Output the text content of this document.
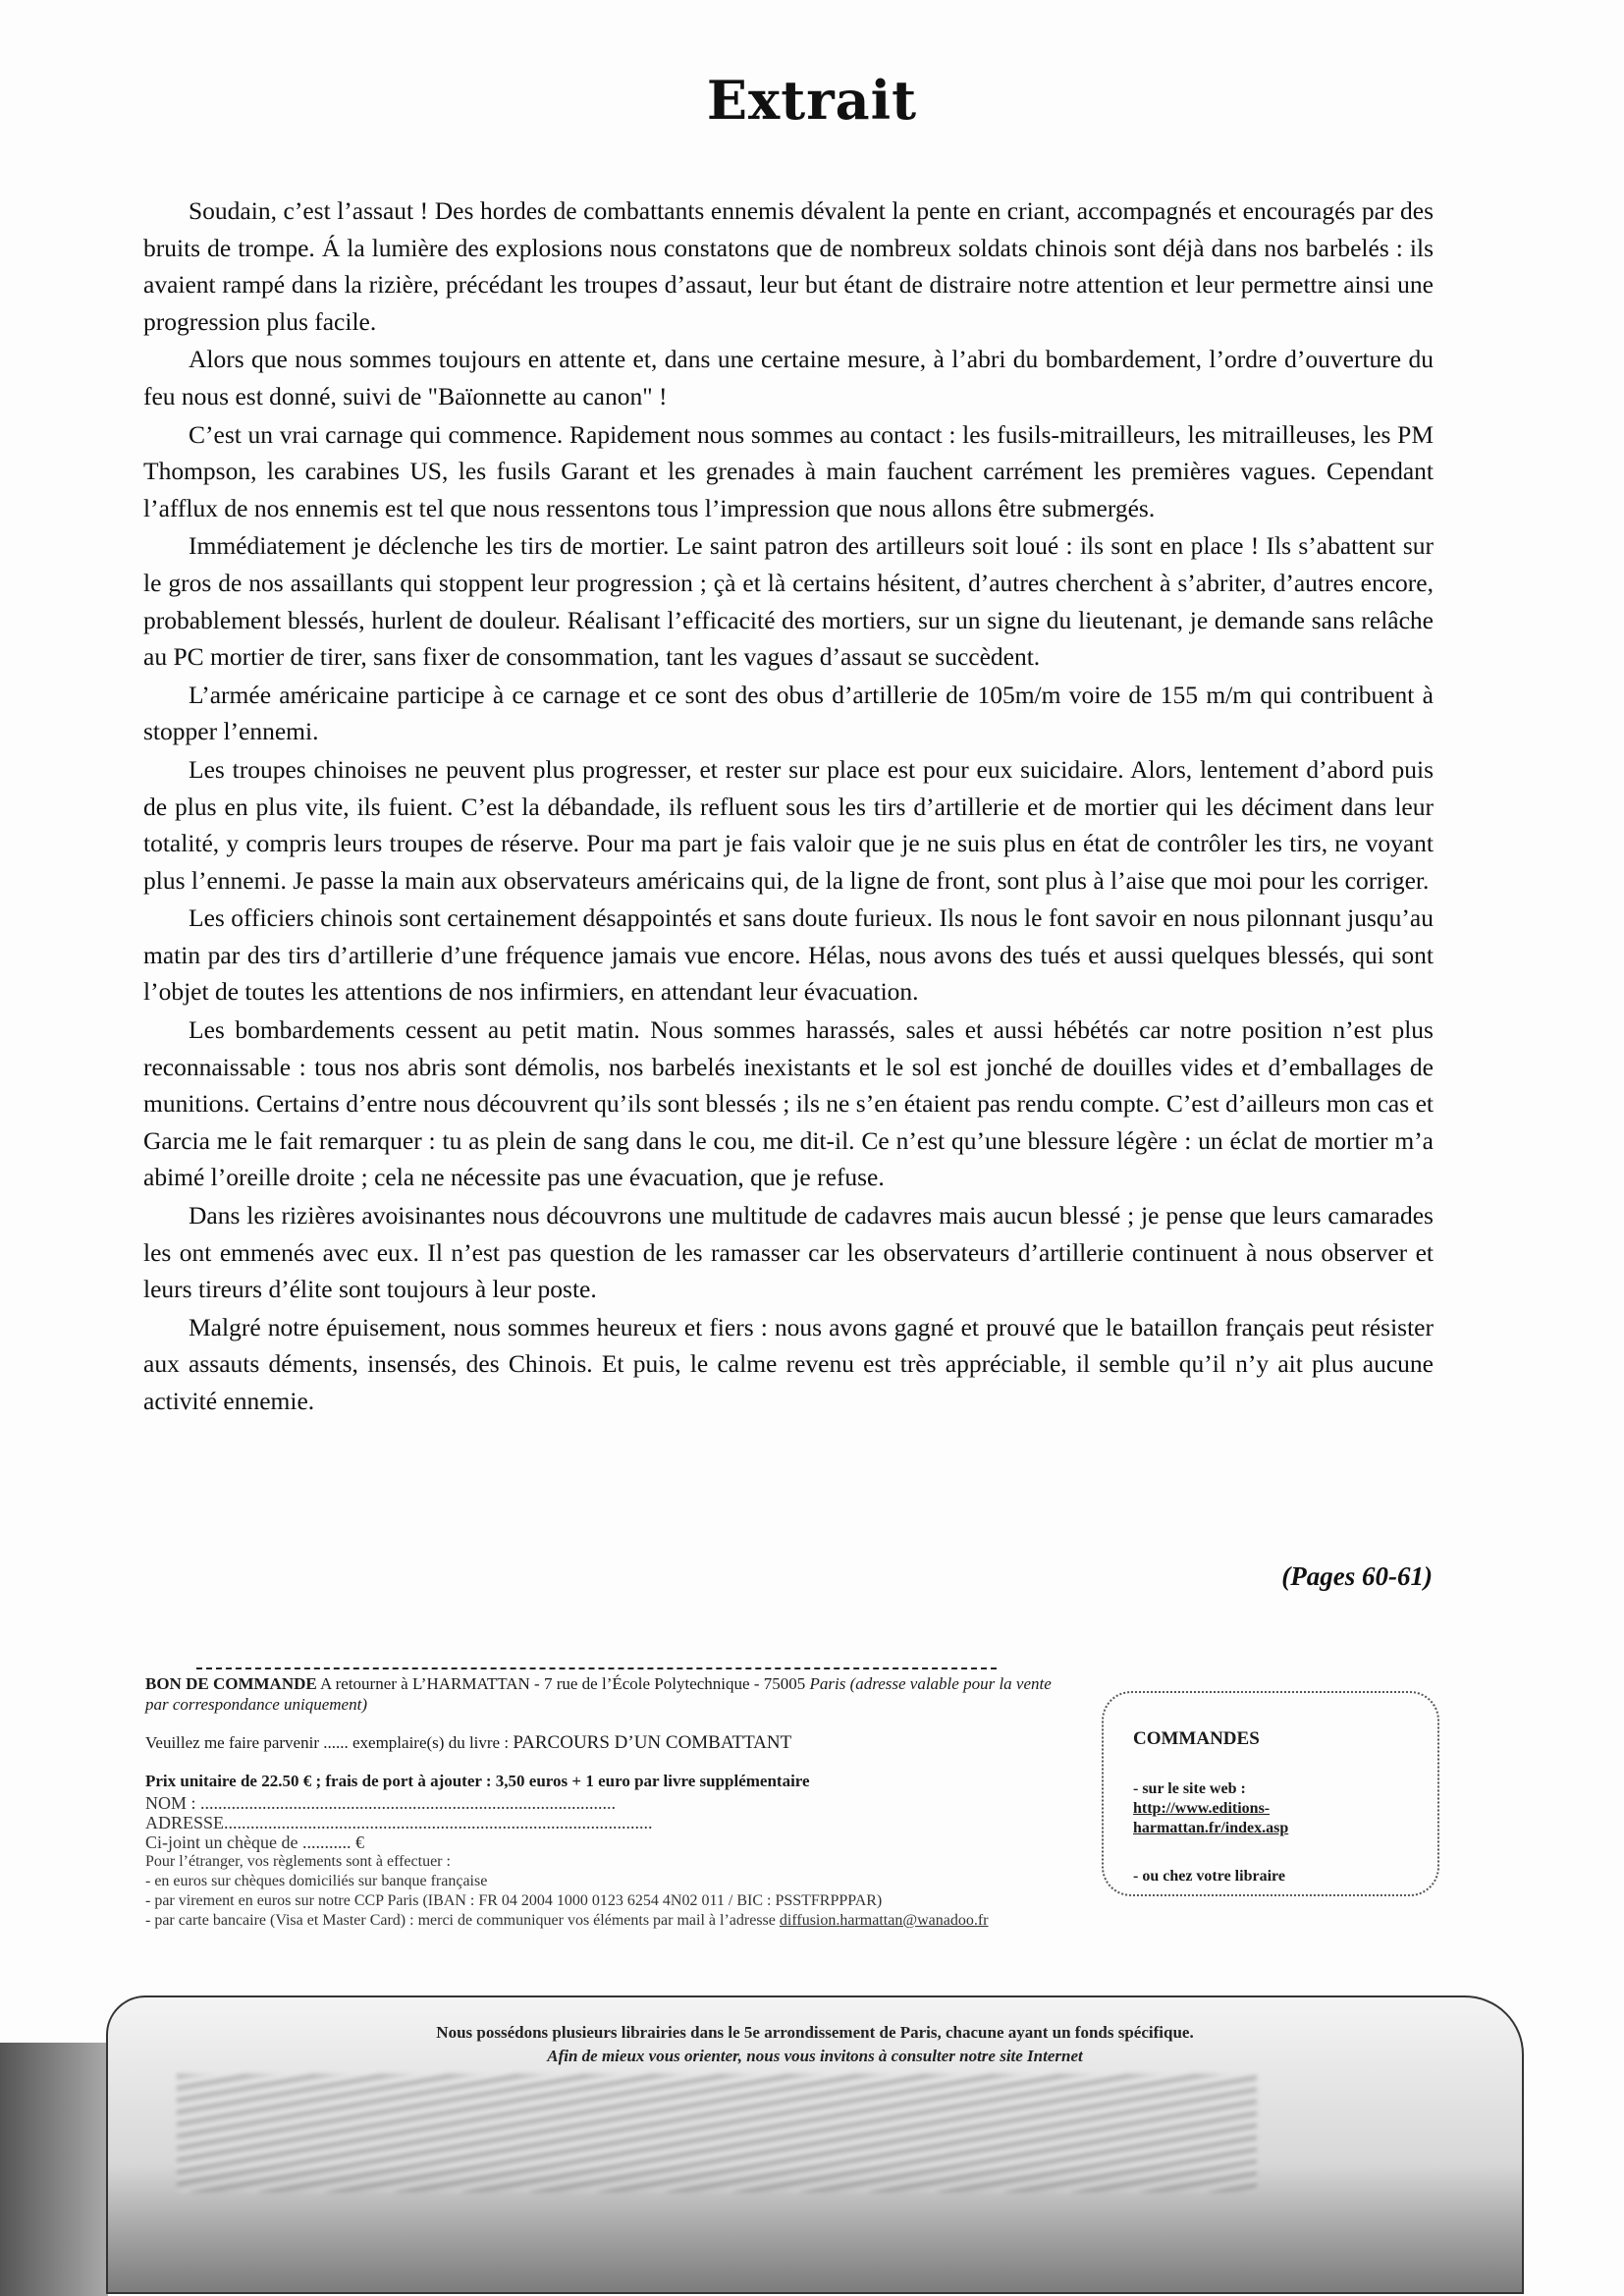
Extrait

Soudain, c’est l’assaut ! Des hordes de combattants ennemis dévalent la pente en criant, accompagnés et encouragés par des bruits de trompe. Á la lumière des explosions nous constatons que de nombreux soldats chinois sont déjà dans nos barbelés : ils avaient rampé dans la rizière, précédant les troupes d’assaut, leur but étant de distraire notre attention et leur permettre ainsi une progression plus facile.

Alors que nous sommes toujours en attente et, dans une certaine mesure, à l’abri du bombardement, l’ordre d’ouverture du feu nous est donné, suivi de "Baïonnette au canon" !

C’est un vrai carnage qui commence. Rapidement nous sommes au contact : les fusils-mitrailleurs, les mitrailleuses, les PM Thompson, les carabines US, les fusils Garant et les grenades à main fauchent carrément les premières vagues. Cependant l’afflux de nos ennemis est tel que nous ressentons tous l’impression que nous allons être submergés.

Immédiatement je déclenche les tirs de mortier. Le saint patron des artilleurs soit loué : ils sont en place ! Ils s’abattent sur le gros de nos assaillants qui stoppent leur progression ; çà et là certains hésitent, d’autres cherchent à s’abriter, d’autres encore, probablement blessés, hurlent de douleur. Réalisant l’efficacité des mortiers, sur un signe du lieutenant, je demande sans relâche au PC mortier de tirer, sans fixer de consommation, tant les vagues d’assaut se succèdent.

L’armée américaine participe à ce carnage et ce sont des obus d’artillerie de 105m/m voire de 155 m/m qui contribuent à stopper l’ennemi.

Les troupes chinoises ne peuvent plus progresser, et rester sur place est pour eux suicidaire. Alors, lentement d’abord puis de plus en plus vite, ils fuient. C’est la débandade, ils refluent sous les tirs d’artillerie et de mortier qui les déciment dans leur totalité, y compris leurs troupes de réserve. Pour ma part je fais valoir que je ne suis plus en état de contrôler les tirs, ne voyant plus l’ennemi. Je passe la main aux observateurs américains qui, de la ligne de front, sont plus à l’aise que moi pour les corriger.

Les officiers chinois sont certainement désappointés et sans doute furieux. Ils nous le font savoir en nous pilonnant jusqu’au matin par des tirs d’artillerie d’une fréquence jamais vue encore. Hélas, nous avons des tués et aussi quelques blessés, qui sont l’objet de toutes les attentions de nos infirmiers, en attendant leur évacuation.

Les bombardements cessent au petit matin. Nous sommes harassés, sales et aussi hébétés car notre position n’est plus reconnaissable : tous nos abris sont démolis, nos barbelés inexistants et le sol est jonché de douilles vides et d’emballages de munitions. Certains d’entre nous découvrent qu’ils sont blessés ; ils ne s’en étaient pas rendu compte. C’est d’ailleurs mon cas et Garcia me le fait remarquer : tu as plein de sang dans le cou, me dit-il. Ce n’est qu’une blessure légère : un éclat de mortier m’a abimé l’oreille droite ; cela ne nécessite pas une évacuation, que je refuse.

Dans les rizières avoisinantes nous découvrons une multitude de cadavres mais aucun blessé ; je pense que leurs camarades les ont emmenés avec eux. Il n’est pas question de les ramasser car les observateurs d’artillerie continuent à nous observer et leurs tireurs d’élite sont toujours à leur poste.

Malgré notre épuisement, nous sommes heureux et fiers : nous avons gagné et prouvé que le bataillon français peut résister aux assauts déments, insensés, des Chinois. Et puis, le calme revenu est très appréciable, il semble qu’il n’y ait plus aucune activité ennemie.

(Pages 60-61)
BON DE COMMANDE A retourner à L’HARMATTAN - 7 rue de l’École Polytechnique - 75005 Paris (adresse valable pour la vente par correspondance uniquement)
Veuillez me faire parvenir ...... exemplaire(s) du livre : PARCOURS D’UN COMBATTANT
Prix unitaire de 22.50 € ; frais de port à ajouter : 3,50 euros + 1 euro par livre supplémentaire
NOM : ..............................................................................................
ADRESSE.................................................................................................
Ci-joint un chèque de ........... €
Pour l’étranger, vos règlements sont à effectuer :
- en euros sur chèques domiciliés sur banque française
- par virement en euros sur notre CCP Paris (IBAN : FR 04 2004 1000 0123 6254 4N02 011 / BIC : PSSTFRPPPAR)
- par carte bancaire (Visa et Master Card) : merci de communiquer vos éléments par mail à l’adresse diffusion.harmattan@wanadoo.fr
COMMANDES
- sur le site web :
http://www.editions-
harmattan.fr/index.asp
- ou chez votre libraire
Nous possédons plusieurs librairies dans le 5e arrondissement de Paris, chacune ayant un fonds spécifique.
Afin de mieux vous orienter, nous vous invitons à consulter notre site Internet
